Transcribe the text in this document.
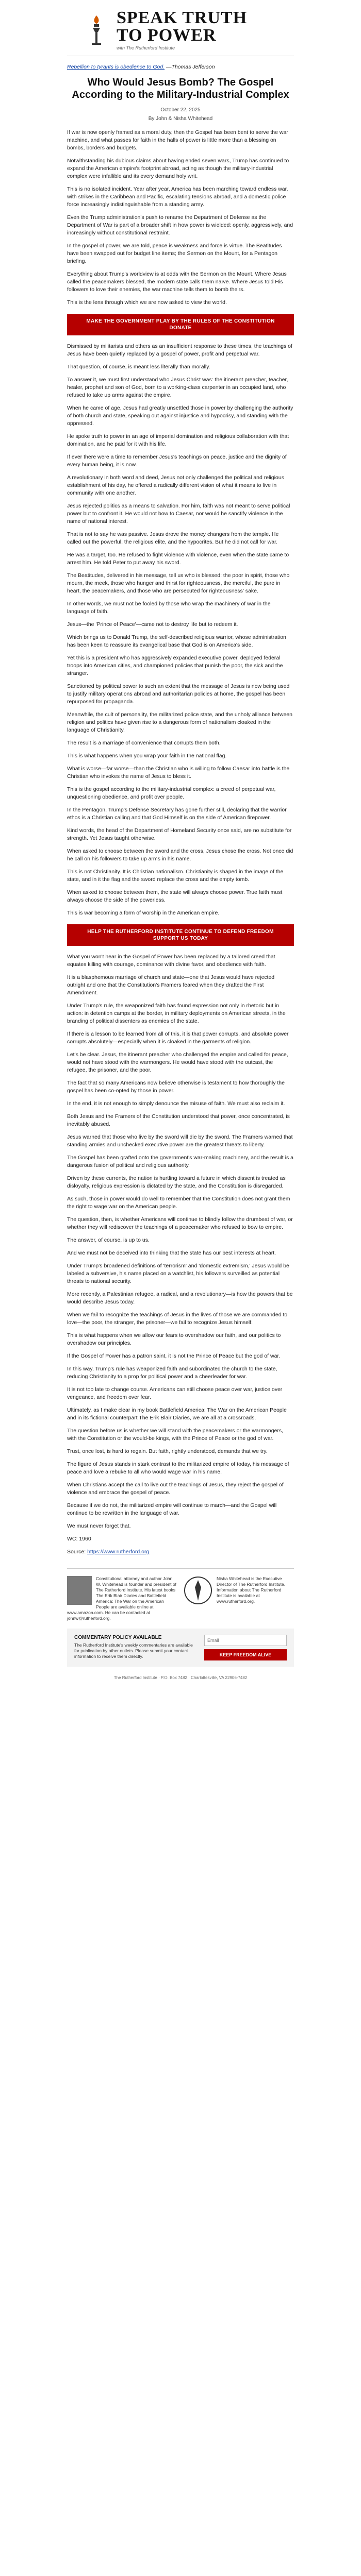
SPEAK TRUTH
TO POWER
with The Rutherford Institute

Rebellion to tyrants is obedience to God. —Thomas Jefferson

Who Would Jesus Bomb? The Gospel According to the Military-Industrial Complex
October 22, 2025
By John & Nisha Whitehead

If war is now openly framed as a moral duty, then the Gospel has been bent to serve the war machine, and what passes for faith in the halls of power is little more than a blessing on bombs, borders and budgets.

Notwithstanding his dubious claims about having ended seven wars, Trump has continued to expand the American empire's footprint abroad, acting as though the military-industrial complex were infallible and its every demand holy writ.

This is no isolated incident. Year after year, America has been marching toward endless war, with strikes in the Caribbean and Pacific, escalating tensions abroad, and a domestic police force increasingly indistinguishable from a standing army.

Even the Trump administration's push to rename the Department of Defense as the Department of War is part of a broader shift in how power is wielded: openly, aggressively, and increasingly without constitutional restraint.

In the gospel of power, we are told, peace is weakness and force is virtue. The Beatitudes have been swapped out for budget line items; the Sermon on the Mount, for a Pentagon briefing.

Everything about Trump's worldview is at odds with the Sermon on the Mount. Where Jesus called the peacemakers blessed, the modern state calls them naïve. Where Jesus told His followers to love their enemies, the war machine tells them to bomb theirs.

This is the lens through which we are now asked to view the world.

MAKE THE GOVERNMENT PLAY BY THE RULES OF THE CONSTITUTION
DONATE

Dismissed by militarists and others as an insufficient response to these times, the teachings of Jesus have been quietly replaced by a gospel of power, profit and perpetual war.

That question, of course, is meant less literally than morally.

To answer it, we must first understand who Jesus Christ was: the itinerant preacher, teacher, healer, prophet and son of God, born to a working-class carpenter in an occupied land, who refused to take up arms against the empire.

When he came of age, Jesus had greatly unsettled those in power by challenging the authority of both church and state, speaking out against injustice and hypocrisy, and standing with the oppressed.

He spoke truth to power in an age of imperial domination and religious collaboration with that domination, and he paid for it with his life.

If ever there were a time to remember Jesus's teachings on peace, justice and the dignity of every human being, it is now.

A revolutionary in both word and deed, Jesus not only challenged the political and religious establishment of his day, he offered a radically different vision of what it means to live in community with one another.

Jesus rejected politics as a means to salvation. For him, faith was not meant to serve political power but to confront it. He would not bow to Caesar, nor would he sanctify violence in the name of national interest.

That is not to say he was passive. Jesus drove the money changers from the temple. He called out the powerful, the religious elite, and the hypocrites. But he did not call for war.

He was a target, too. He refused to fight violence with violence, even when the state came to arrest him. He told Peter to put away his sword.

The Beatitudes, delivered in his message, tell us who is blessed: the poor in spirit, those who mourn, the meek, those who hunger and thirst for righteousness, the merciful, the pure in heart, the peacemakers, and those who are persecuted for righteousness' sake.

In other words, we must not be fooled by those who wrap the machinery of war in the language of faith.

Jesus—the 'Prince of Peace'—came not to destroy life but to redeem it.

Which brings us to Donald Trump, the self-described religious warrior, whose administration has been keen to reassure its evangelical base that God is on America's side.

Yet this is a president who has aggressively expanded executive power, deployed federal troops into American cities, and championed policies that punish the poor, the sick and the stranger.

Sanctioned by political power to such an extent that the message of Jesus is now being used to justify military operations abroad and authoritarian policies at home, the gospel has been repurposed for propaganda.

Meanwhile, the cult of personality, the militarized police state, and the unholy alliance between religion and politics have given rise to a dangerous form of nationalism cloaked in the language of Christianity.

The result is a marriage of convenience that corrupts them both.

This is what happens when you wrap your faith in the national flag.

What is worse—far worse—than the Christian who is willing to follow Caesar into battle is the Christian who invokes the name of Jesus to bless it.

This is the gospel according to the military-industrial complex: a creed of perpetual war, unquestioning obedience, and profit over people.

In the Pentagon, Trump's Defense Secretary has gone further still, declaring that the warrior ethos is a Christian calling and that God Himself is on the side of American firepower.

Kind words, the head of the Department of Homeland Security once said, are no substitute for strength. Yet Jesus taught otherwise.

When asked to choose between the sword and the cross, Jesus chose the cross. Not once did he call on his followers to take up arms in his name.

This is not Christianity. It is Christian nationalism. Christianity is shaped in the image of the state, and in it the flag and the sword replace the cross and the empty tomb.

When asked to choose between them, the state will always choose power. True faith must always choose the side of the powerless.

This is war becoming a form of worship in the American empire.

HELP THE RUTHERFORD INSTITUTE CONTINUE TO DEFEND FREEDOM
SUPPORT US TODAY

What you won't hear in the Gospel of Power has been replaced by a tailored creed that equates killing with courage, dominance with divine favor, and obedience with faith.

It is a blasphemous marriage of church and state—one that Jesus would have rejected outright and one that the Constitution's Framers feared when they drafted the First Amendment.

Under Trump's rule, the weaponized faith has found expression not only in rhetoric but in action: in detention camps at the border, in military deployments on American streets, in the branding of political dissenters as enemies of the state.

If there is a lesson to be learned from all of this, it is that power corrupts, and absolute power corrupts absolutely—especially when it is cloaked in the garments of religion.

Let's be clear. Jesus, the itinerant preacher who challenged the empire and called for peace, would not have stood with the warmongers. He would have stood with the outcast, the refugee, the prisoner, and the poor.

The fact that so many Americans now believe otherwise is testament to how thoroughly the gospel has been co-opted by those in power.

In the end, it is not enough to simply denounce the misuse of faith. We must also reclaim it.

Both Jesus and the Framers of the Constitution understood that power, once concentrated, is inevitably abused.

Jesus warned that those who live by the sword will die by the sword. The Framers warned that standing armies and unchecked executive power are the greatest threats to liberty.

The Gospel has been grafted onto the government's war-making machinery, and the result is a dangerous fusion of political and religious authority.

Driven by these currents, the nation is hurtling toward a future in which dissent is treated as disloyalty, religious expression is dictated by the state, and the Constitution is disregarded.

As such, those in power would do well to remember that the Constitution does not grant them the right to wage war on the American people.

The question, then, is whether Americans will continue to blindly follow the drumbeat of war, or whether they will rediscover the teachings of a peacemaker who refused to bow to empire.

The answer, of course, is up to us.

And we must not be deceived into thinking that the state has our best interests at heart.

Under Trump's broadened definitions of 'terrorism' and 'domestic extremism,' Jesus would be labeled a subversive, his name placed on a watchlist, his followers surveilled as potential threats to national security.

More recently, a Palestinian refugee, a radical, and a revolutionary—is how the powers that be would describe Jesus today.

When we fail to recognize the teachings of Jesus in the lives of those we are commanded to love—the poor, the stranger, the prisoner—we fail to recognize Jesus himself.

This is what happens when we allow our fears to overshadow our faith, and our politics to overshadow our principles.

If the Gospel of Power has a patron saint, it is not the Prince of Peace but the god of war.

In this way, Trump's rule has weaponized faith and subordinated the church to the state, reducing Christianity to a prop for political power and a cheerleader for war.

It is not too late to change course. Americans can still choose peace over war, justice over vengeance, and freedom over fear.

Ultimately, as I make clear in my book Battlefield America: The War on the American People and in its fictional counterpart The Erik Blair Diaries, we are all at a crossroads.

The question before us is whether we will stand with the peacemakers or the warmongers, with the Constitution or the would-be kings, with the Prince of Peace or the god of war.

Trust, once lost, is hard to regain. But faith, rightly understood, demands that we try.

The figure of Jesus stands in stark contrast to the militarized empire of today, his message of peace and love a rebuke to all who would wage war in his name.

When Christians accept the call to live out the teachings of Jesus, they reject the gospel of violence and embrace the gospel of peace.

Because if we do not, the militarized empire will continue to march—and the Gospel will continue to be rewritten in the language of war.

We must never forget that.

WC: 1960

Source: https://www.rutherford.org

Constitutional attorney and author John W. Whitehead is founder and president of The Rutherford Institute. His latest books The Erik Blair Diaries and Battlefield America: The War on the American People are available online at www.amazon.com. He can be contacted at johnw@rutherford.org.
Nisha Whitehead is the Executive Director of The Rutherford Institute. Information about The Rutherford Institute is available at www.rutherford.org.
COMMENTARY POLICY AVAILABLE
The Rutherford Institute's weekly commentaries are available for publication by other outlets. Please submit your contact information to receive them directly.
Email	KEEP FREEDOM ALIVE
The Rutherford Institute · P.O. Box 7482 · Charlottesville, VA 22906-7482
